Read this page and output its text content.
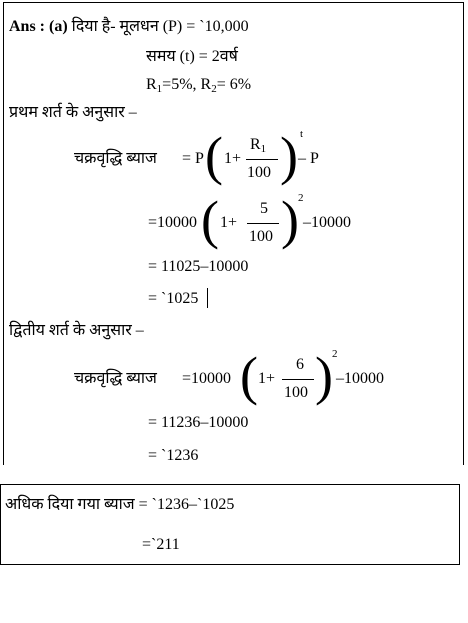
Ans : (a) दिया है- मूलधन (P) = `10,000
समय (t) = 2वर्ष
$R_1=5\%$, $R_2= 6\%$
प्रथम शर्त के अनुसार –
चक्रवृद्धि ब्याज = P ( 1+
$R_1$
100 ) t
– P
=10000 ( 1+
5
100 ) 2
–10000
= 11025–10000
= `1025
द्वितीय शर्त के अनुसार –
चक्रवृद्धि ब्याज =10000 ( 1+
6
100 ) 2
–10000
= 11236–10000
= `1236
अधिक दिया गया ब्याज = `1236–`1025
=`211
